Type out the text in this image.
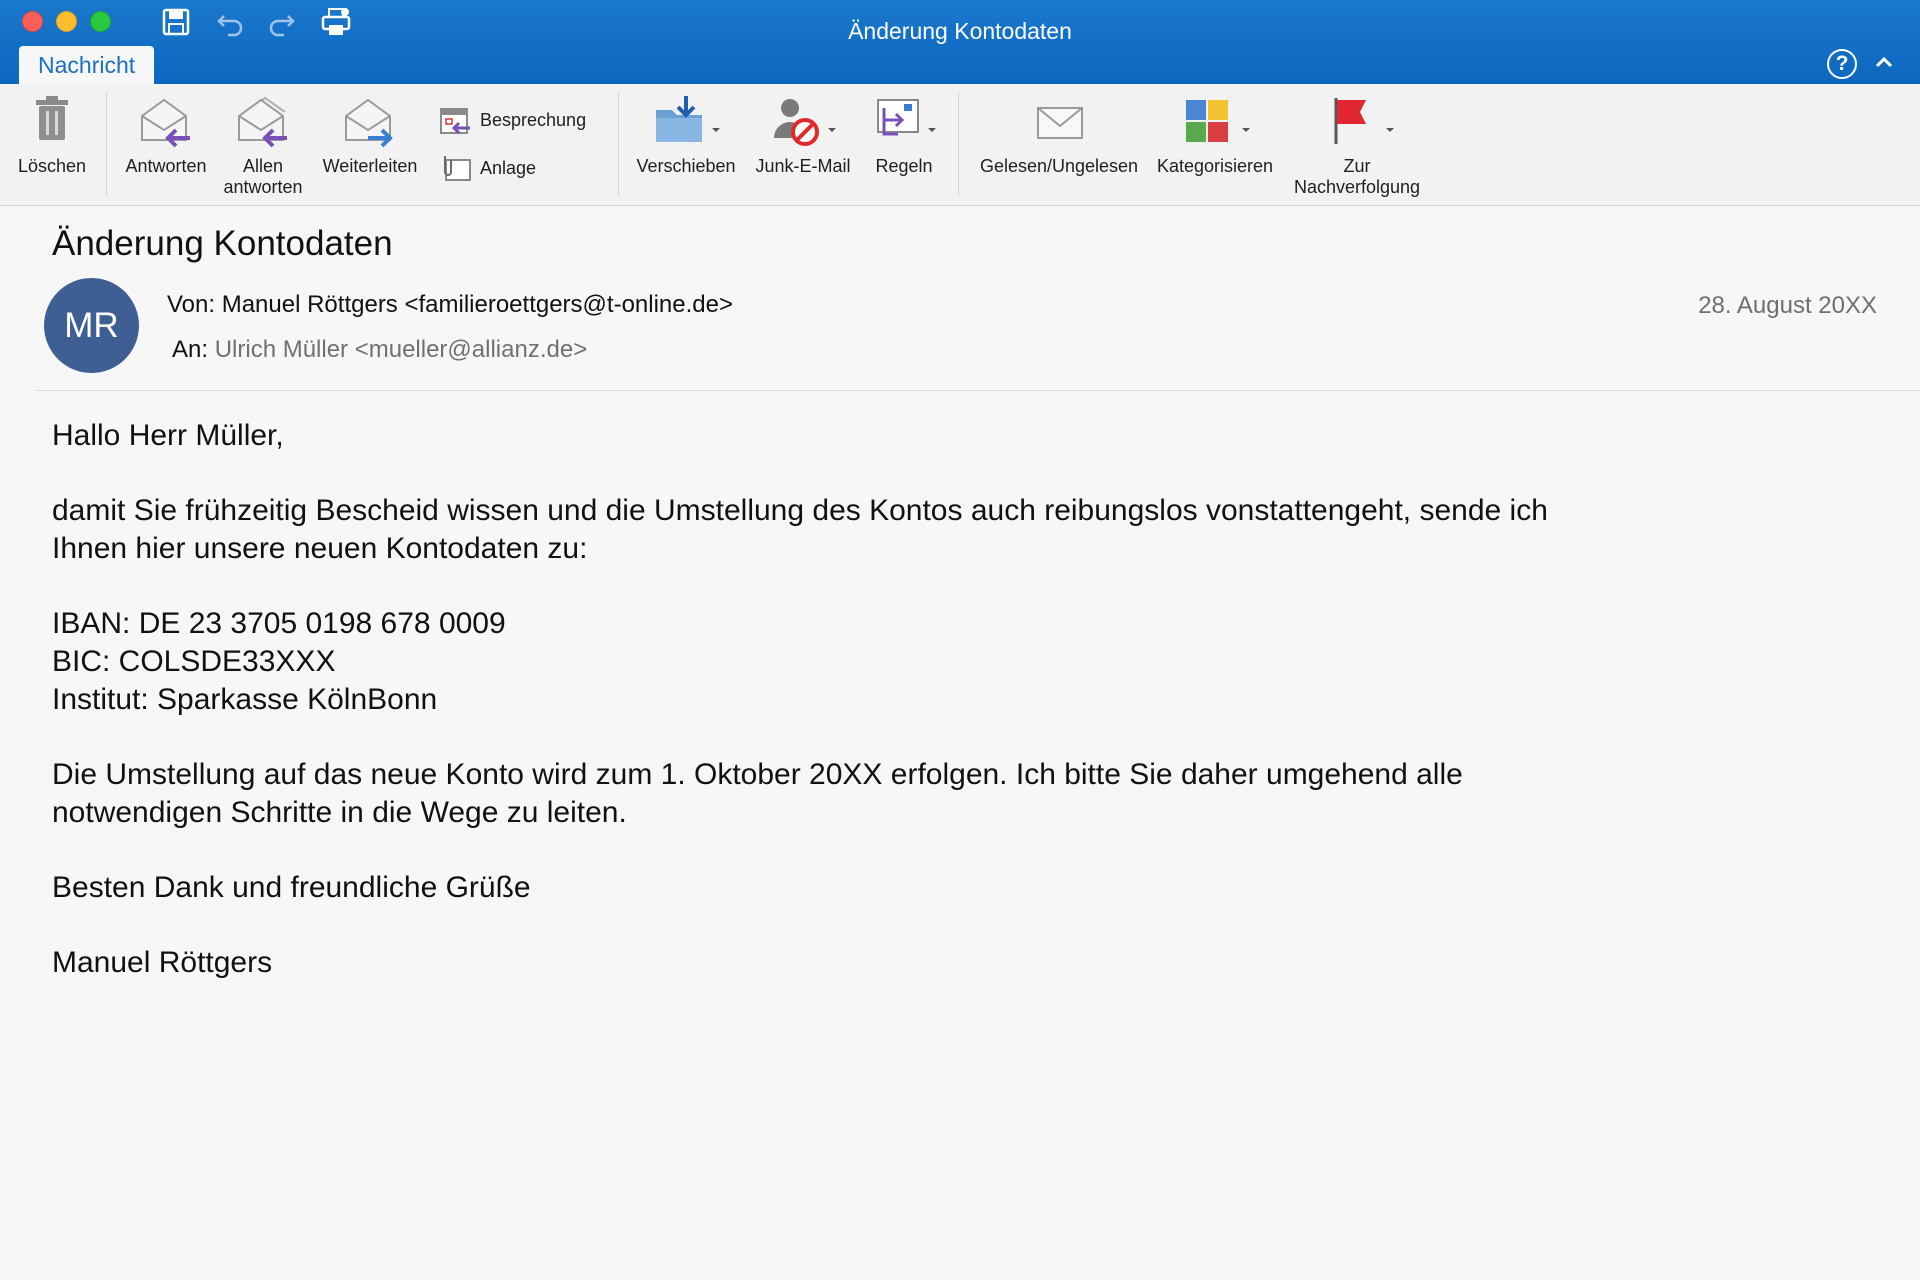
Änderung Kontodaten
Nachricht	?
Löschen	Antworten	Allen
antworten
Weiterleiten
Besprechung
Anlage	Verschieben	Junk-E-Mail	Regeln	Gelesen/Ungelesen	Kategorisieren	Zur
Nachverfolgung
Änderung Kontodaten
MR
Von: Manuel Röttgers <familieroettgers@t-online.de>
An: Ulrich Müller <mueller@allianz.de>
28. August 20XX

Hallo Herr Müller,

damit Sie frühzeitig Bescheid wissen und die Umstellung des Kontos auch reibungslos vonstattengeht, sende ich

Ihnen hier unsere neuen Kontodaten zu:

IBAN: DE 23 3705 0198 678 0009

BIC: COLSDE33XXX

Institut: Sparkasse KölnBonn

Die Umstellung auf das neue Konto wird zum 1. Oktober 20XX erfolgen. Ich bitte Sie daher umgehend alle

notwendigen Schritte in die Wege zu leiten.

Besten Dank und freundliche Grüße

Manuel Röttgers
